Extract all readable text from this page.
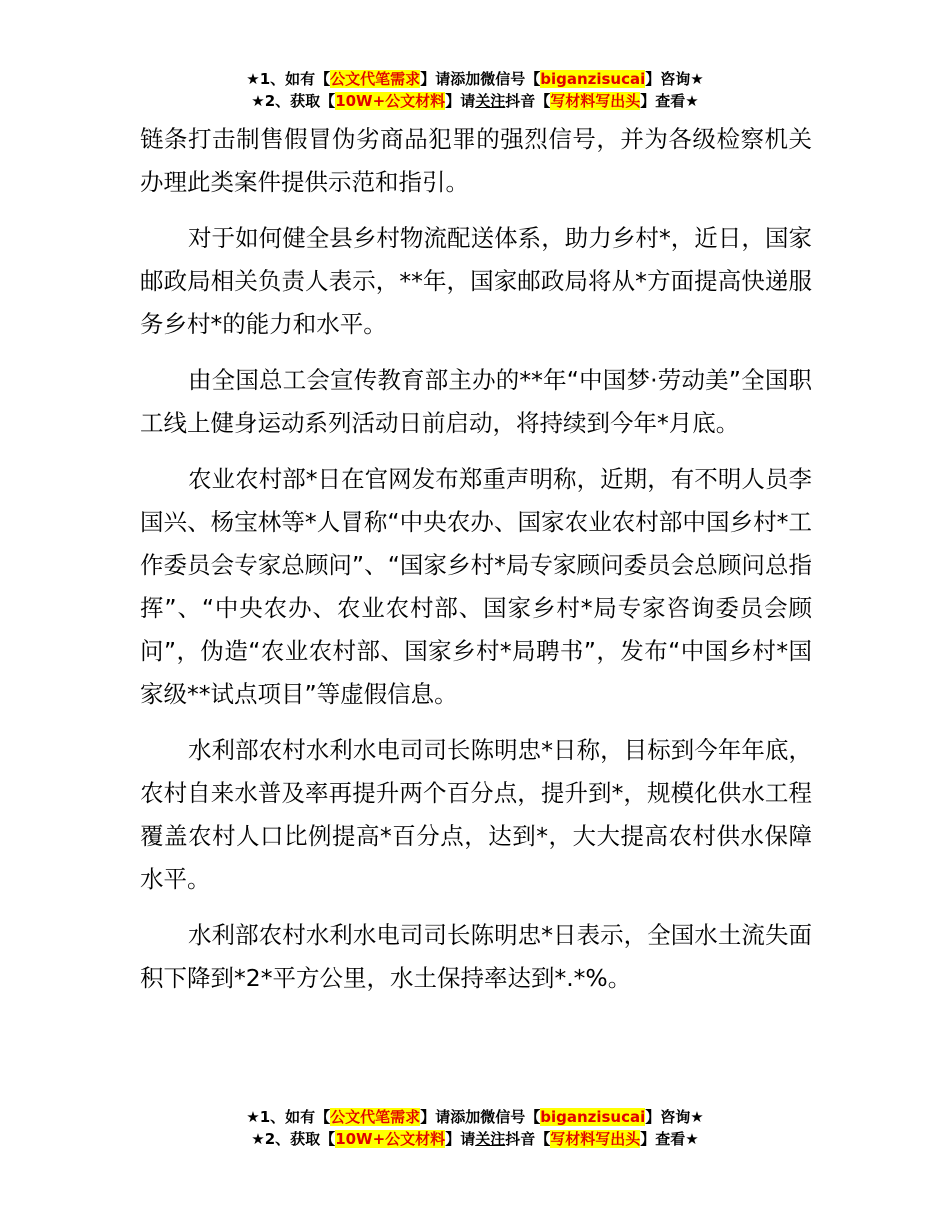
★1、如有【公文代笔需求】请添加微信号【biganzisucai】咨询★
★2、获取【10W+公文材料】请关注抖音【写材料写出头】查看★

链条打击制售假冒伪劣商品犯罪的强烈信号，并为各级检察机关办理此类案件提供示范和指引。

对于如何健全县乡村物流配送体系，助力乡村*，近日，国家邮政局相关负责人表示，**年，国家邮政局将从*方面提高快递服务乡村*的能力和水平。

由全国总工会宣传教育部主办的**年“中国梦·劳动美”全国职工线上健身运动系列活动日前启动，将持续到今年*月底。

农业农村部*日在官网发布郑重声明称，近期，有不明人员李国兴、杨宝林等*人冒称“中央农办、国家农业农村部中国乡村*工作委员会专家总顾问”、“国家乡村*局专家顾问委员会总顾问总指挥”、“中央农办、农业农村部、国家乡村*局专家咨询委员会顾问”，伪造“农业农村部、国家乡村*局聘书”，发布“中国乡村*国家级**试点项目”等虚假信息。

水利部农村水利水电司司长陈明忠*日称，目标到今年年底，农村自来水普及率再提升两个百分点，提升到*，规模化供水工程覆盖农村人口比例提高*百分点，达到*，大大提高农村供水保障水平。

水利部农村水利水电司司长陈明忠*日表示，全国水土流失面积下降到*2*平方公里，水土保持率达到*.*%。

★1、如有【公文代笔需求】请添加微信号【biganzisucai】咨询★
★2、获取【10W+公文材料】请关注抖音【写材料写出头】查看★
